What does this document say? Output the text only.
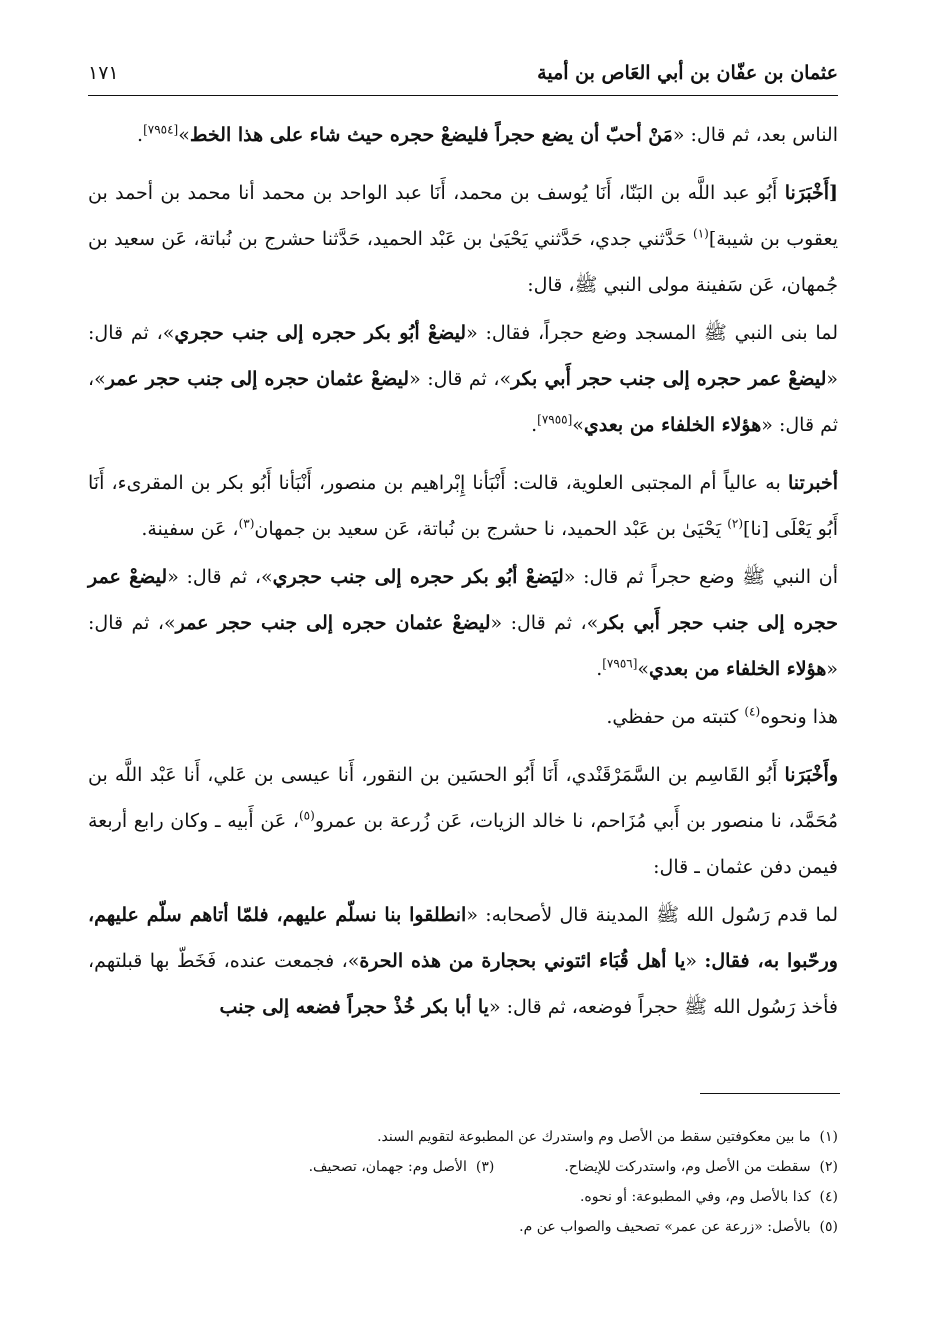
عثمان بن عفّان بن أبي العَاص بن أمية
١٧١

الناس بعد، ثم قال: «مَنْ أحبّ أن يضع حجراً فليضعْ حجره حيث شاء على هذا الخط»[٧٩٥٤].

[أَخْبَرَنا أَبُو عبد اللَّه بن البَنّا، أَنَا يُوسف بن محمد، أَنَا عبد الواحد بن محمد أنا محمد بن أحمد بن يعقوب بن شيبة]$^{(١)}$ حَدَّثني جدي، حَدَّثني يَحْيَىٰ بن عَبْد الحميد، حَدَّثنا حشرج بن نُباتة، عَن سعيد بن جُمهان، عَن سَفينة مولى النبي ﷺ، قال:

لما بنى النبي ﷺ المسجد وضع حجراً، فقال: «ليضعْ أبُو بكر حجره إلى جنب حجري»، ثم قال: «ليضعْ عمر حجره إلى جنب حجر أَبي بكر»، ثم قال: «ليضعْ عثمان حجره إلى جنب حجر عمر»، ثم قال: «هؤلاء الخلفاء من بعدي»[٧٩٥٥].

أخبرتنا به عالياً أم المجتبى العلوية، قالت: أَنْبَأنا إِبْراهيم بن منصور، أَنْبَأنا أَبُو بكر بن المقرىء، أَنَا أَبُو يَعْلَى [نا]$^{(٢)}$ يَحْيَىٰ بن عَبْد الحميد، نا حشرج بن نُباتة، عَن سعيد بن جمهان$^{(٣)}$، عَن سفينة.

أن النبي ﷺ وضع حجراً ثم قال: «ليَضعْ أبُو بكر حجره إلى جنب حجري»، ثم قال: «ليضعْ عمر حجره إلى جنب حجر أَبي بكر»، ثم قال: «ليضعْ عثمان حجره إلى جنب حجر عمر»، ثم قال: «هؤلاء الخلفاء من بعدي»[٧٩٥٦].

هذا ونحوه$^{(٤)}$ كتبته من حفظي.

وأَخْبَرَنا أَبُو القَاسِم بن السَّمَرْقَنْدي، أَنَا أَبُو الحسَين بن النقور، أَنا عيسى بن عَلي، أَنا عَبْد اللَّه بن مُحَمَّد، نا منصور بن أَبي مُزَاحم، نا خالد الزيات، عَن زُرعة بن عمرو$^{(٥)}$، عَن أَبيه ـ وكان رابع أربعة فيمن دفن عثمان ـ قال:

لما قدم رَسُول الله ﷺ المدينة قال لأصحابه: «انطلقوا بنا نسلّم عليهم، فلمّا أتاهم سلّم عليهم، ورحّبوا به، فقال: «يا أهل قُبَاء ائتوني بحجارة من هذه الحرة»، فجمعت عنده، فَخَطّ بها قبلتهم، فأخذ رَسُول الله ﷺ حجراً فوضعه، ثم قال: «يا أبا بكر خُذْ حجراً فضعه إلى جنب

(١)  ما بين معكوفتين سقط من الأصل وم واستدرك عن المطبوعة لتقويم السند.

(٢)  سقطت من الأصل وم، واستدركت للإيضاح.(٣)  الأصل وم: جهمان، تصحيف.

(٤)  كذا بالأصل وم، وفي المطبوعة: أو نحوه.

(٥)  بالأصل: «زرعة عن عمر» تصحيف والصواب عن م.
